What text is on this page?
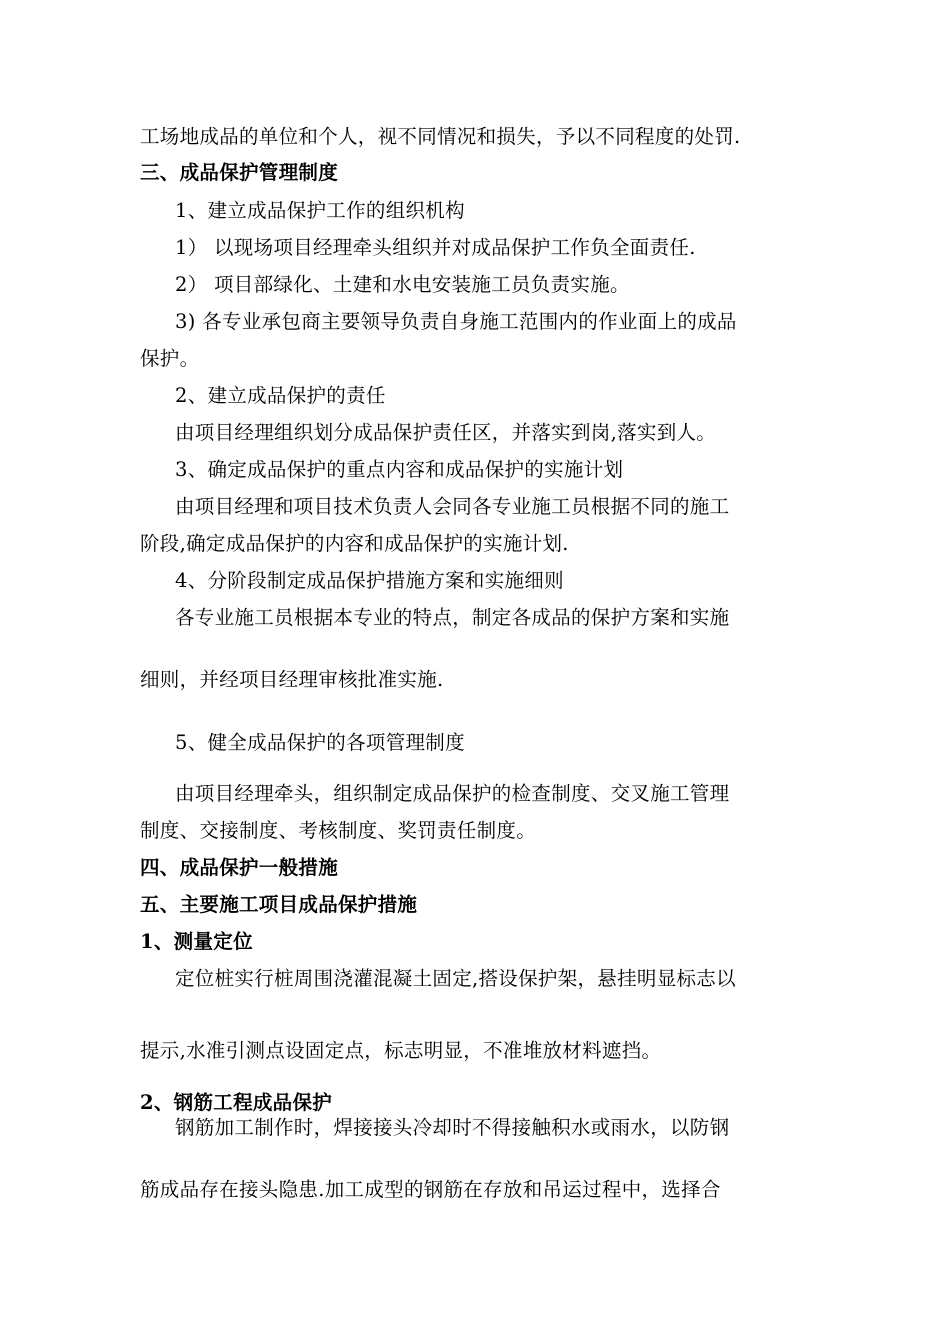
工场地成品的单位和个人，视不同情况和损失，予以不同程度的处罚.
三、成品保护管理制度
1、建立成品保护工作的组织机构
1） 以现场项目经理牵头组织并对成品保护工作负全面责任.
2） 项目部绿化、土建和水电安装施工员负责实施。
3) 各专业承包商主要领导负责自身施工范围内的作业面上的成品
保护。
2、建立成品保护的责任
由项目经理组织划分成品保护责任区，并落实到岗,落实到人。
3、确定成品保护的重点内容和成品保护的实施计划
由项目经理和项目技术负责人会同各专业施工员根据不同的施工
阶段,确定成品保护的内容和成品保护的实施计划.
4、分阶段制定成品保护措施方案和实施细则
各专业施工员根据本专业的特点，制定各成品的保护方案和实施
细则，并经项目经理审核批准实施.
5、健全成品保护的各项管理制度
由项目经理牵头，组织制定成品保护的检查制度、交叉施工管理
制度、交接制度、考核制度、奖罚责任制度。
四、成品保护一般措施
五、主要施工项目成品保护措施
1、测量定位
定位桩实行桩周围浇灌混凝土固定,搭设保护架，悬挂明显标志以
提示,水准引测点设固定点，标志明显，不准堆放材料遮挡。
2、钢筋工程成品保护
钢筋加工制作时，焊接接头冷却时不得接触积水或雨水，以防钢
筋成品存在接头隐患.加工成型的钢筋在存放和吊运过程中，选择合
